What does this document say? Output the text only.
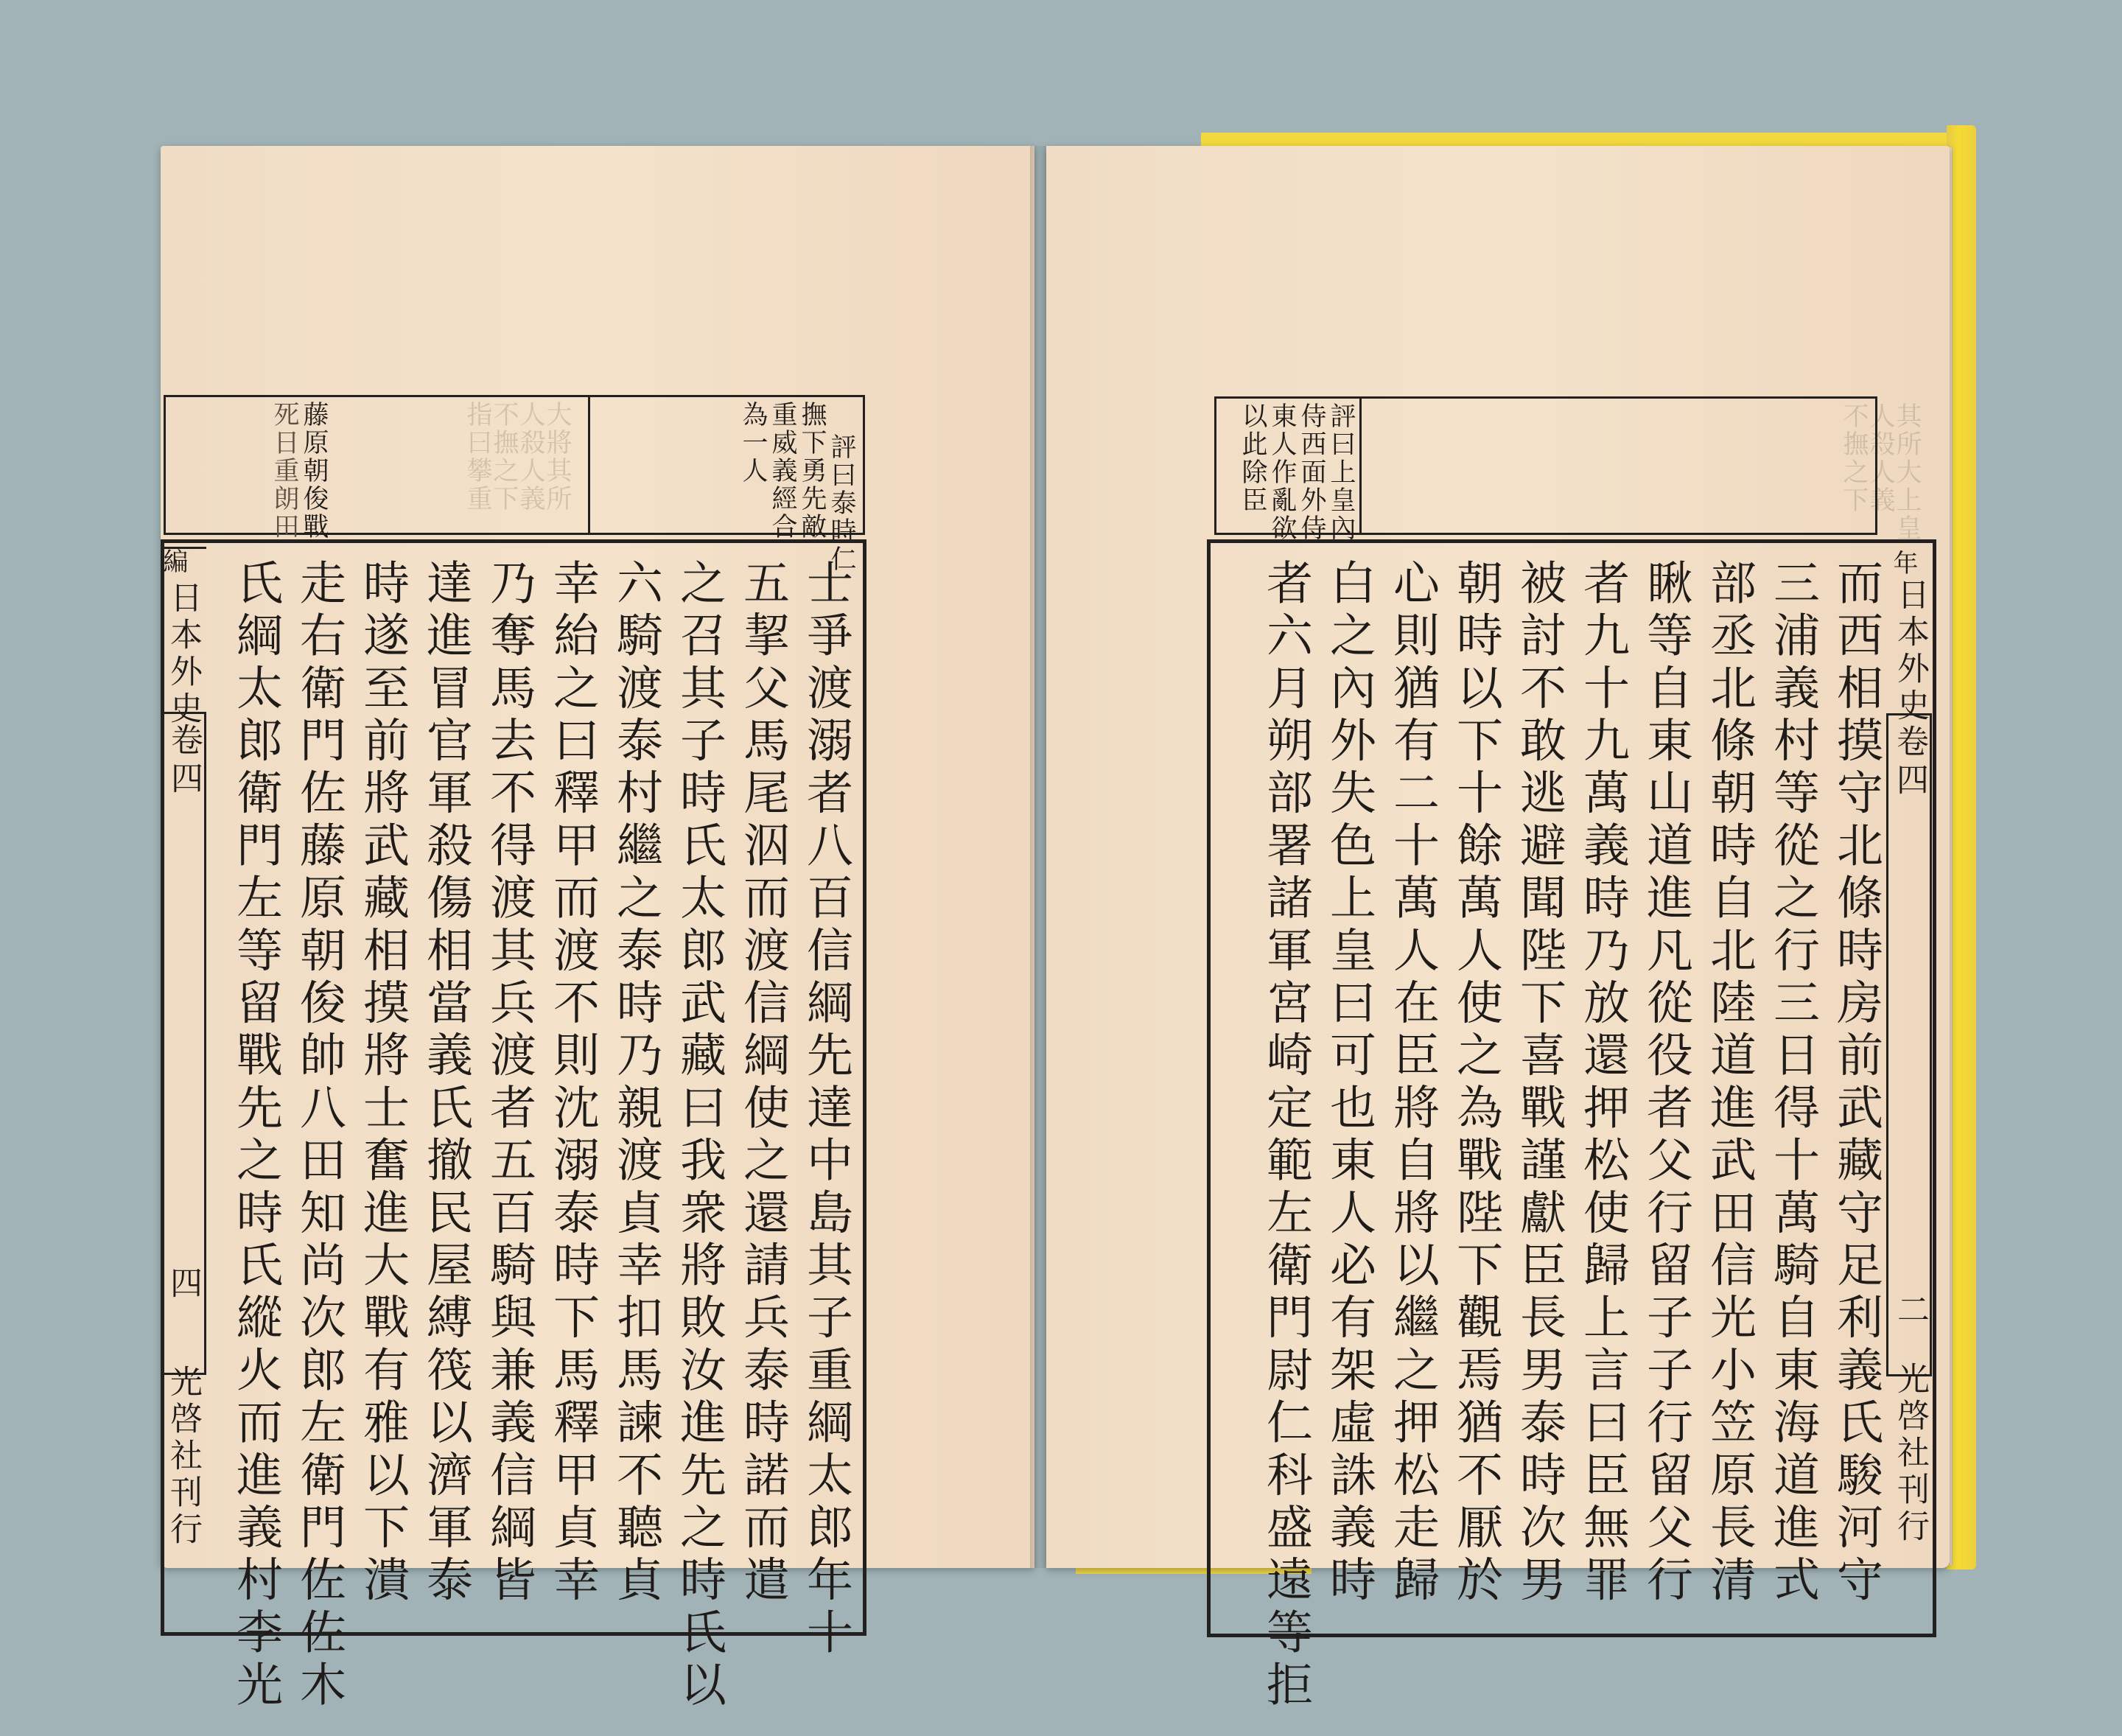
評曰泰時仁
撫下勇先敵
重威義經合
為一人
大將其所
人殺人義
不撫之下
指曰攀重
藤原朝俊戰
死日重朗田
編
日本外史
卷四
四
光啓社刊行	士爭渡溺者八百信綱先達中島其子重綱太郎年十
五挈父馬尾泅而渡信綱使之還請兵泰時諾而遣
之召其子時氏太郎武藏曰我衆將敗汝進先之時氏以
六騎渡泰村繼之泰時乃親渡貞幸扣馬諫不聽貞
幸紿之曰釋甲而渡不則沈溺泰時下馬釋甲貞幸
乃奪馬去不得渡其兵渡者五百騎與兼義信綱皆
達進冒官軍殺傷相當義氏撤民屋縛筏以濟軍泰
時遂至前將武藏相摸將士奮進大戰有雅以下潰
走右衛門佐藤原朝俊帥八田知尚次郎左衛門佐佐木
氏綱太郎衛門左等留戰先之時氏縱火而進義村李光
評曰上皇內
侍西面外侍
東人作亂欲
以此除臣	其所大上皇
人殺人義
不撫之下
年
日本外史
卷四
二
光啓社刊行
而西相摸守北條時房前武藏守足利義氏駿河守
三浦義村等從之行三日得十萬騎自東海道進式
部丞北條朝時自北陸道進武田信光小笠原長清
瞅等自東山道進凡從役者父行留子子行留父行
者九十九萬義時乃放還押松使歸上言曰臣無罪
被討不敢逃避聞陛下喜戰謹獻臣長男泰時次男
朝時以下十餘萬人使之為戰陛下觀焉猶不厭於
心則猶有二十萬人在臣將自將以繼之押松走歸
白之內外失色上皇曰可也東人必有架虛誅義時
者六月朔部署諸軍宮崎定範左衛門尉仁科盛遠等拒
